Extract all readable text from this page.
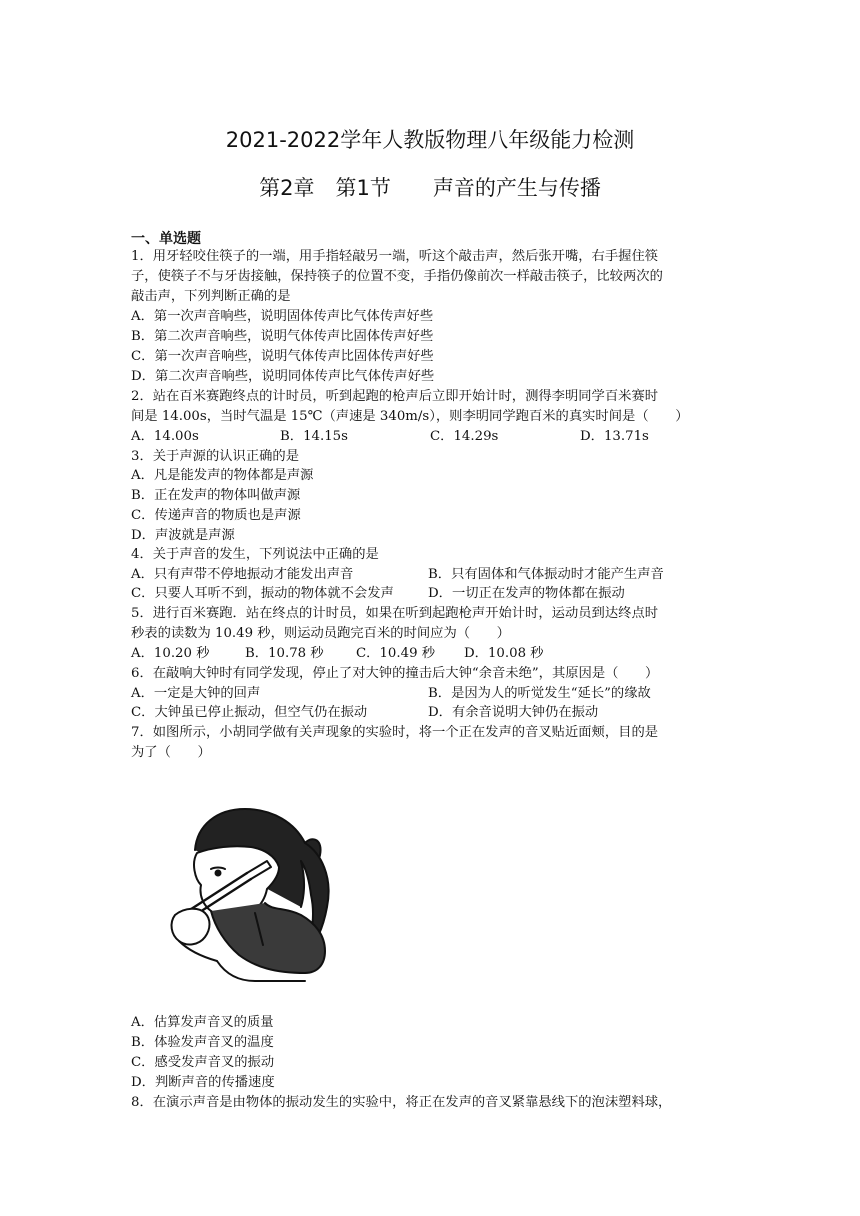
2021-2022学年人教版物理八年级能力检测
第2章　第1节　　声音的产生与传播
一、单选题
1．用牙轻咬住筷子的一端，用手指轻敲另一端，听这个敲击声，然后张开嘴，右手握住筷
子，使筷子不与牙齿接触，保持筷子的位置不变，手指仍像前次一样敲击筷子，比较两次的
敲击声，下列判断正确的是
A．第一次声音响些，说明固体传声比气体传声好些
B．第二次声音响些，说明气体传声比固体传声好些
C．第一次声音响些，说明气体传声比固体传声好些
D．第二次声音响些，说明同体传声比气体传声好些
2．站在百米赛跑终点的计时员，听到起跑的枪声后立即开始计时，测得李明同学百米赛时
间是 14.00s，当时气温是 15℃（声速是 340m/s），则李明同学跑百米的真实时间是（　　）
A．14.00s	B．14.15s	C．14.29s	D．13.71s
3．关于声源的认识正确的是
A．凡是能发声的物体都是声源
B．正在发声的物体叫做声源
C．传递声音的物质也是声源
D．声波就是声源
4．关于声音的发生，下列说法中正确的是
A．只有声带不停地振动才能发出声音	B．只有固体和气体振动时才能产生声音
C．只要人耳听不到，振动的物体就不会发声	D．一切正在发声的物体都在振动
5．进行百米赛跑．站在终点的计时员，如果在听到起跑枪声开始计时，运动员到达终点时
秒表的读数为 10.49 秒，则运动员跑完百米的时间应为（　　）
A．10.20 秒	B．10.78 秒 C．10.49 秒 D．10.08 秒
6．在敲响大钟时有同学发现，停止了对大钟的撞击后大钟“余音未绝”，其原因是（　　）
A．一定是大钟的回声	B．是因为人的听觉发生“延长”的缘故
C．大钟虽已停止振动，但空气仍在振动	D．有余音说明大钟仍在振动
7．如图所示，小胡同学做有关声现象的实验时，将一个正在发声的音叉贴近面颊，目的是
为了（　　）
A．估算发声音叉的质量
B．体验发声音叉的温度
C．感受发声音叉的振动
D．判断声音的传播速度
8．在演示声音是由物体的振动发生的实验中，将正在发声的音叉紧靠悬线下的泡沫塑料球，
